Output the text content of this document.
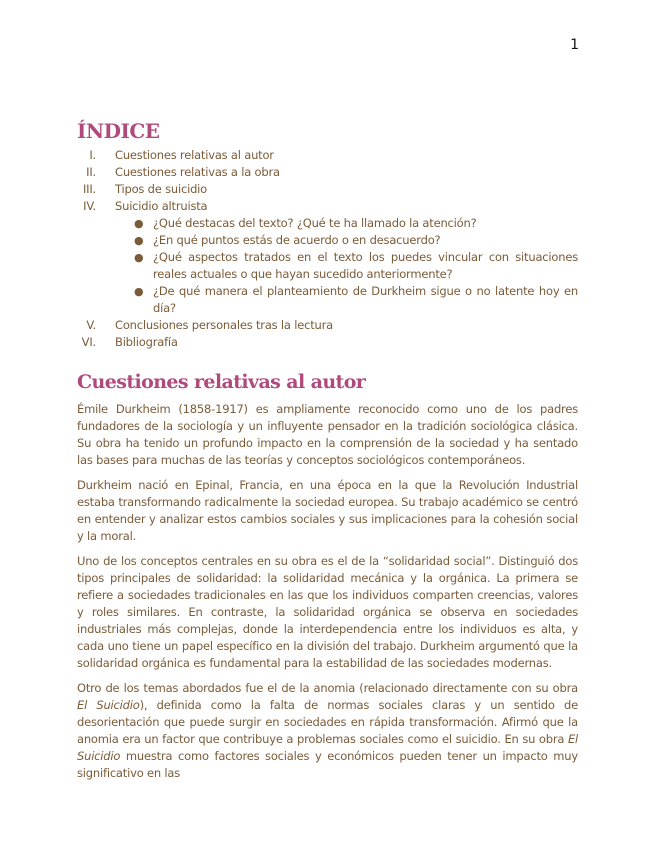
1
ÍNDICE
I. Cuestiones relativas al autor
II. Cuestiones relativas a la obra
III. Tipos de suicidio
IV. Suicidio altruista
● ¿Qué destacas del texto? ¿Qué te ha llamado la atención?
● ¿En qué puntos estás de acuerdo o en desacuerdo?
● ¿Qué aspectos tratados en el texto los puedes vincular con situaciones reales actuales o que hayan sucedido anteriormente?
● ¿De qué manera el planteamiento de Durkheim sigue o no latente hoy en día?
V. Conclusiones personales tras la lectura
VI. Bibliografía
Cuestiones relativas al autor

Émile Durkheim (1858-1917) es ampliamente reconocido como uno de los padres fundadores de la sociología y un influyente pensador en la tradición sociológica clásica. Su obra ha tenido un profundo impacto en la comprensión de la sociedad y ha sentado las bases para muchas de las teorías y conceptos sociológicos contemporáneos.

Durkheim nació en Epinal, Francia, en una época en la que la Revolución Industrial estaba transformando radicalmente la sociedad europea. Su trabajo académico se centró en entender y analizar estos cambios sociales y sus implicaciones para la cohesión social y la moral.

Uno de los conceptos centrales en su obra es el de la “solidaridad social”. Distinguió dos tipos principales de solidaridad: la solidaridad mecánica y la orgánica. La primera se refiere a sociedades tradicionales en las que los individuos comparten creencias, valores y roles similares. En contraste, la solidaridad orgánica se observa en sociedades industriales más complejas, donde la interdependencia entre los individuos es alta, y cada uno tiene un papel específico en la división del trabajo. Durkheim argumentó que la solidaridad orgánica es fundamental para la estabilidad de las sociedades modernas.

Otro de los temas abordados fue el de la anomia (relacionado directamente con su obra El Suicidio), definida como la falta de normas sociales claras y un sentido de desorientación que puede surgir en sociedades en rápida transformación. Afirmó que la anomia era un factor que contribuye a problemas sociales como el suicidio. En su obra El Suicidio muestra como factores sociales y económicos pueden tener un impacto muy significativo en las
